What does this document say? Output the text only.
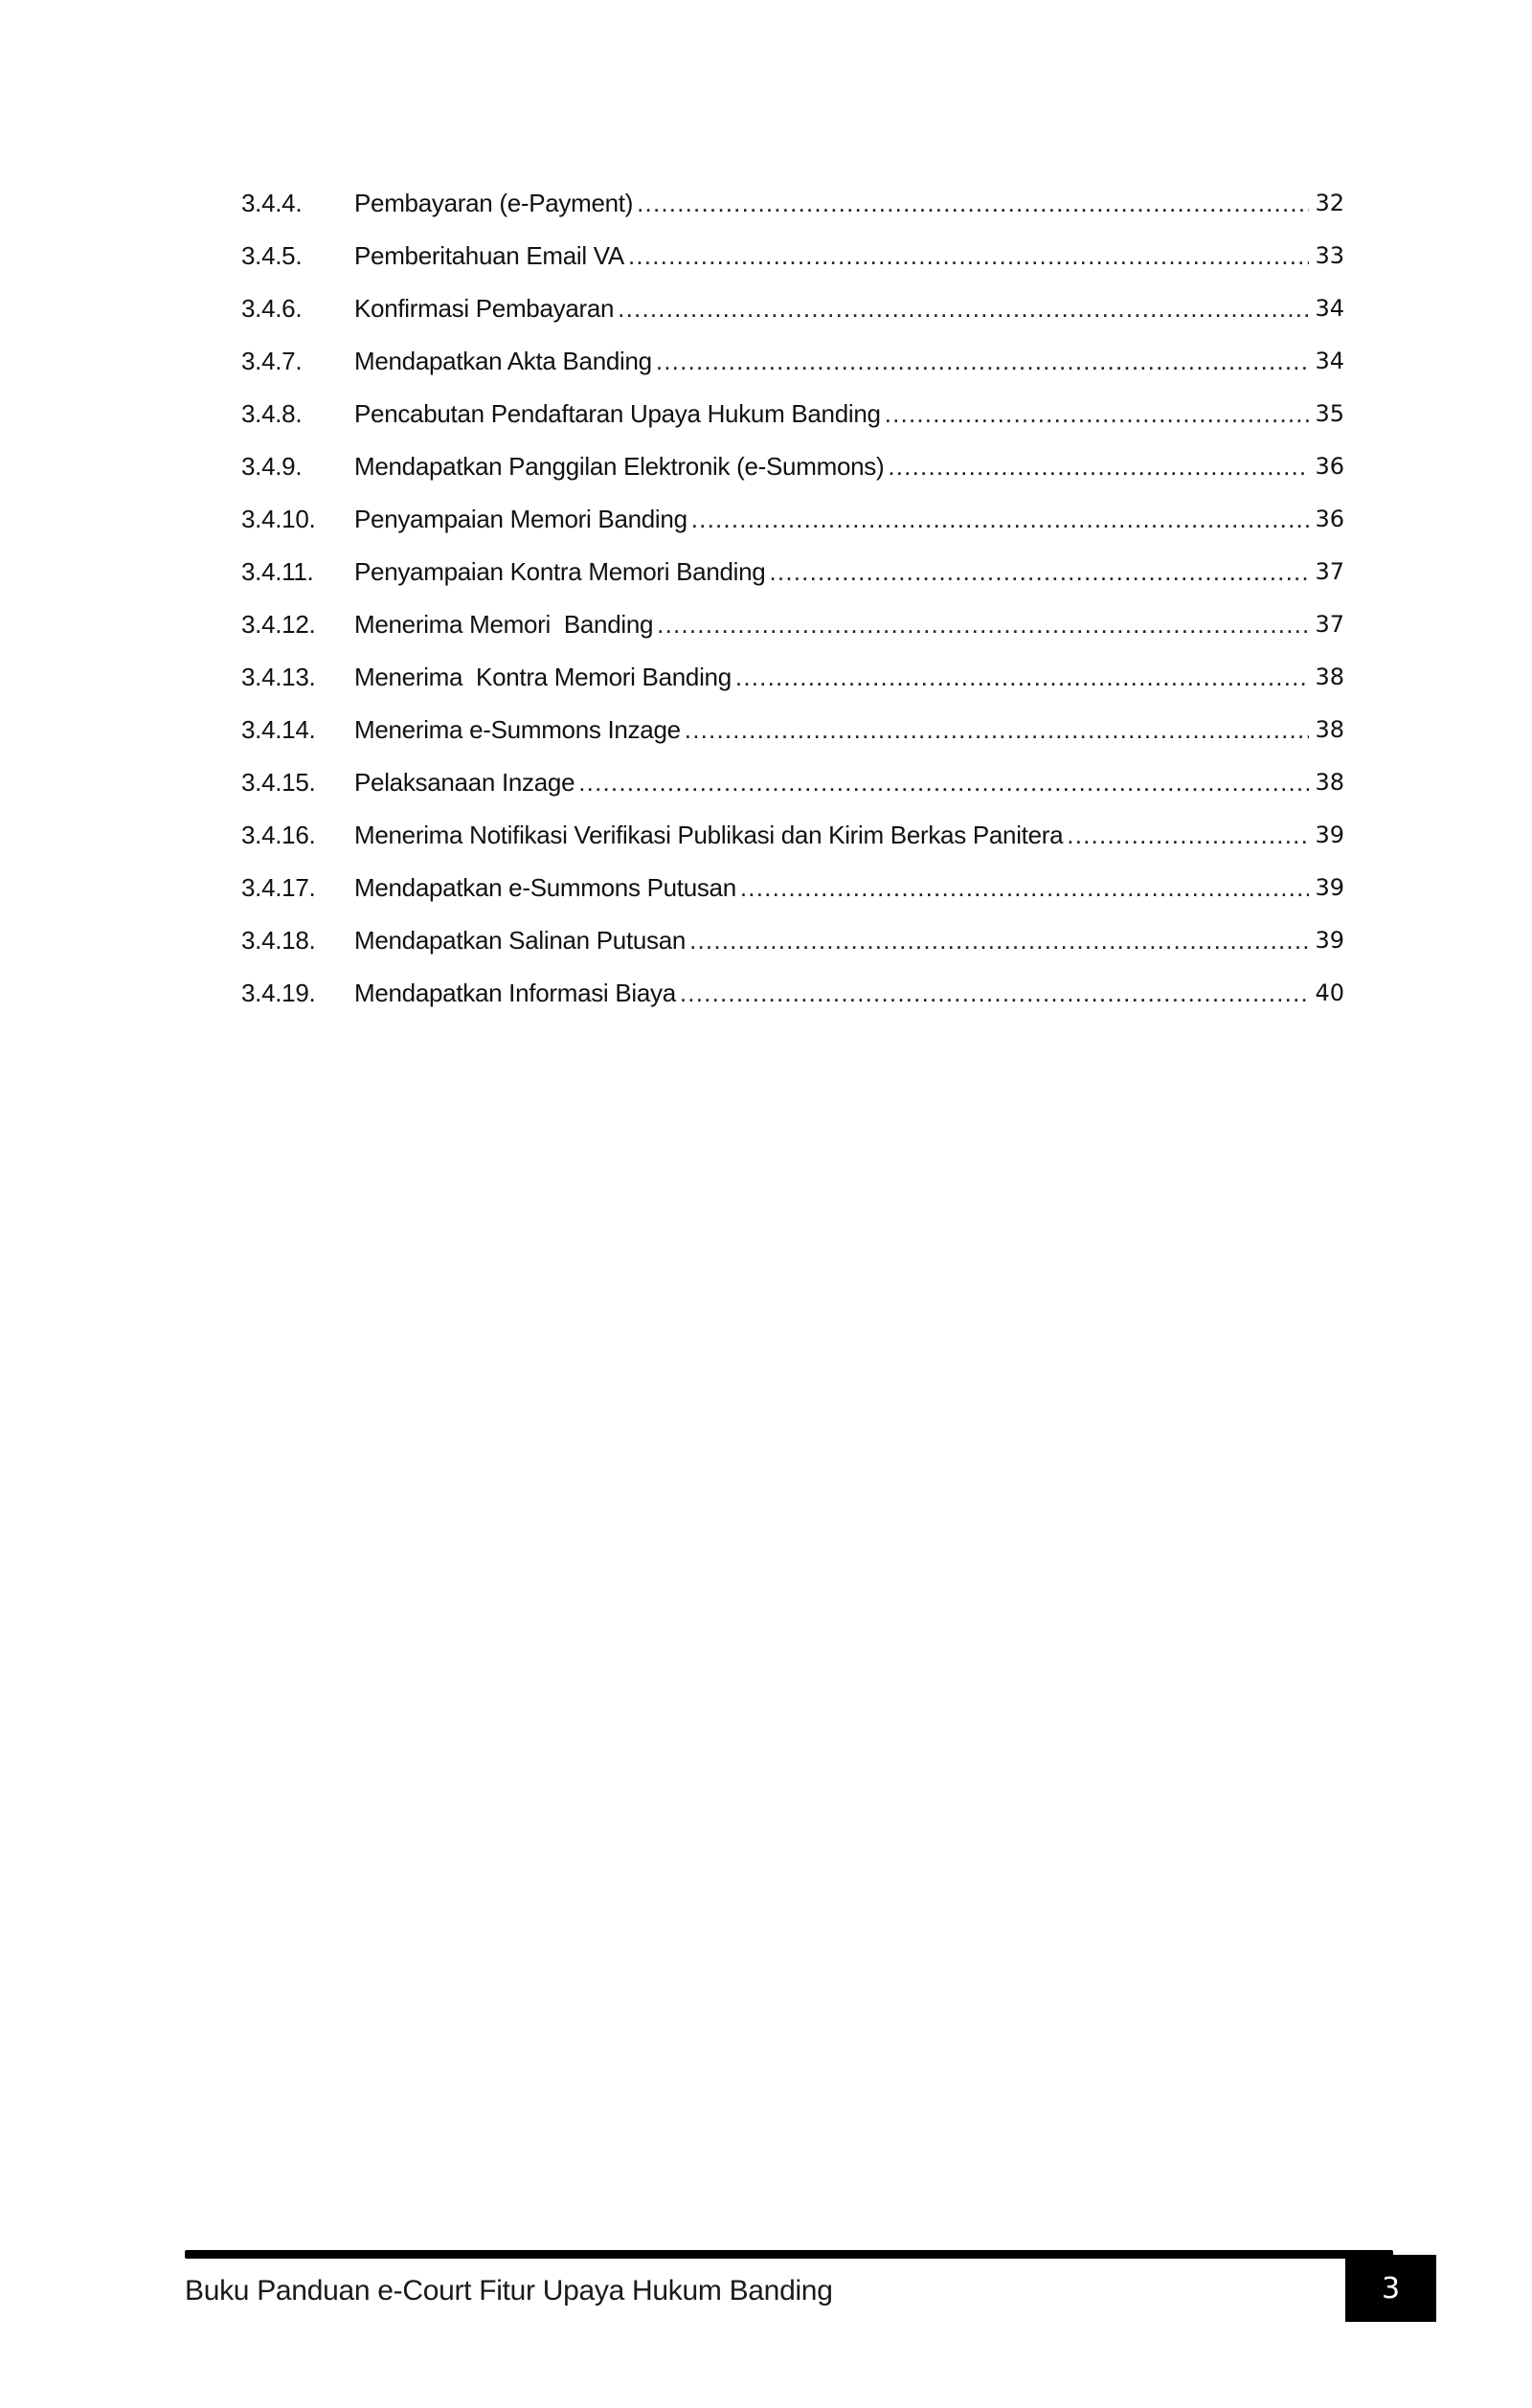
3.4.4.	Pembayaran (e-Payment) .....	32
3.4.5.	Pemberitahuan Email VA .....	33
3.4.6.	Konfirmasi Pembayaran .....	34
3.4.7.	Mendapatkan Akta Banding .....	34
3.4.8.	Pencabutan Pendaftaran Upaya Hukum Banding .....	35
3.4.9.	Mendapatkan Panggilan Elektronik (e-Summons) .....	36
3.4.10.	Penyampaian Memori Banding .....	36
3.4.11.	Penyampaian Kontra Memori Banding .....	37
3.4.12.	Menerima Memori  Banding .....	37
3.4.13.	Menerima  Kontra Memori Banding .....	38
3.4.14.	Menerima e-Summons Inzage .....	38
3.4.15.	Pelaksanaan Inzage .....	38
3.4.16.	Menerima Notifikasi Verifikasi Publikasi dan Kirim Berkas Panitera .....	39
3.4.17.	Mendapatkan e-Summons Putusan .....	39
3.4.18.	Mendapatkan Salinan Putusan .....	39
3.4.19.	Mendapatkan Informasi Biaya .....	40
Buku Panduan e-Court Fitur Upaya Hukum Banding	3
